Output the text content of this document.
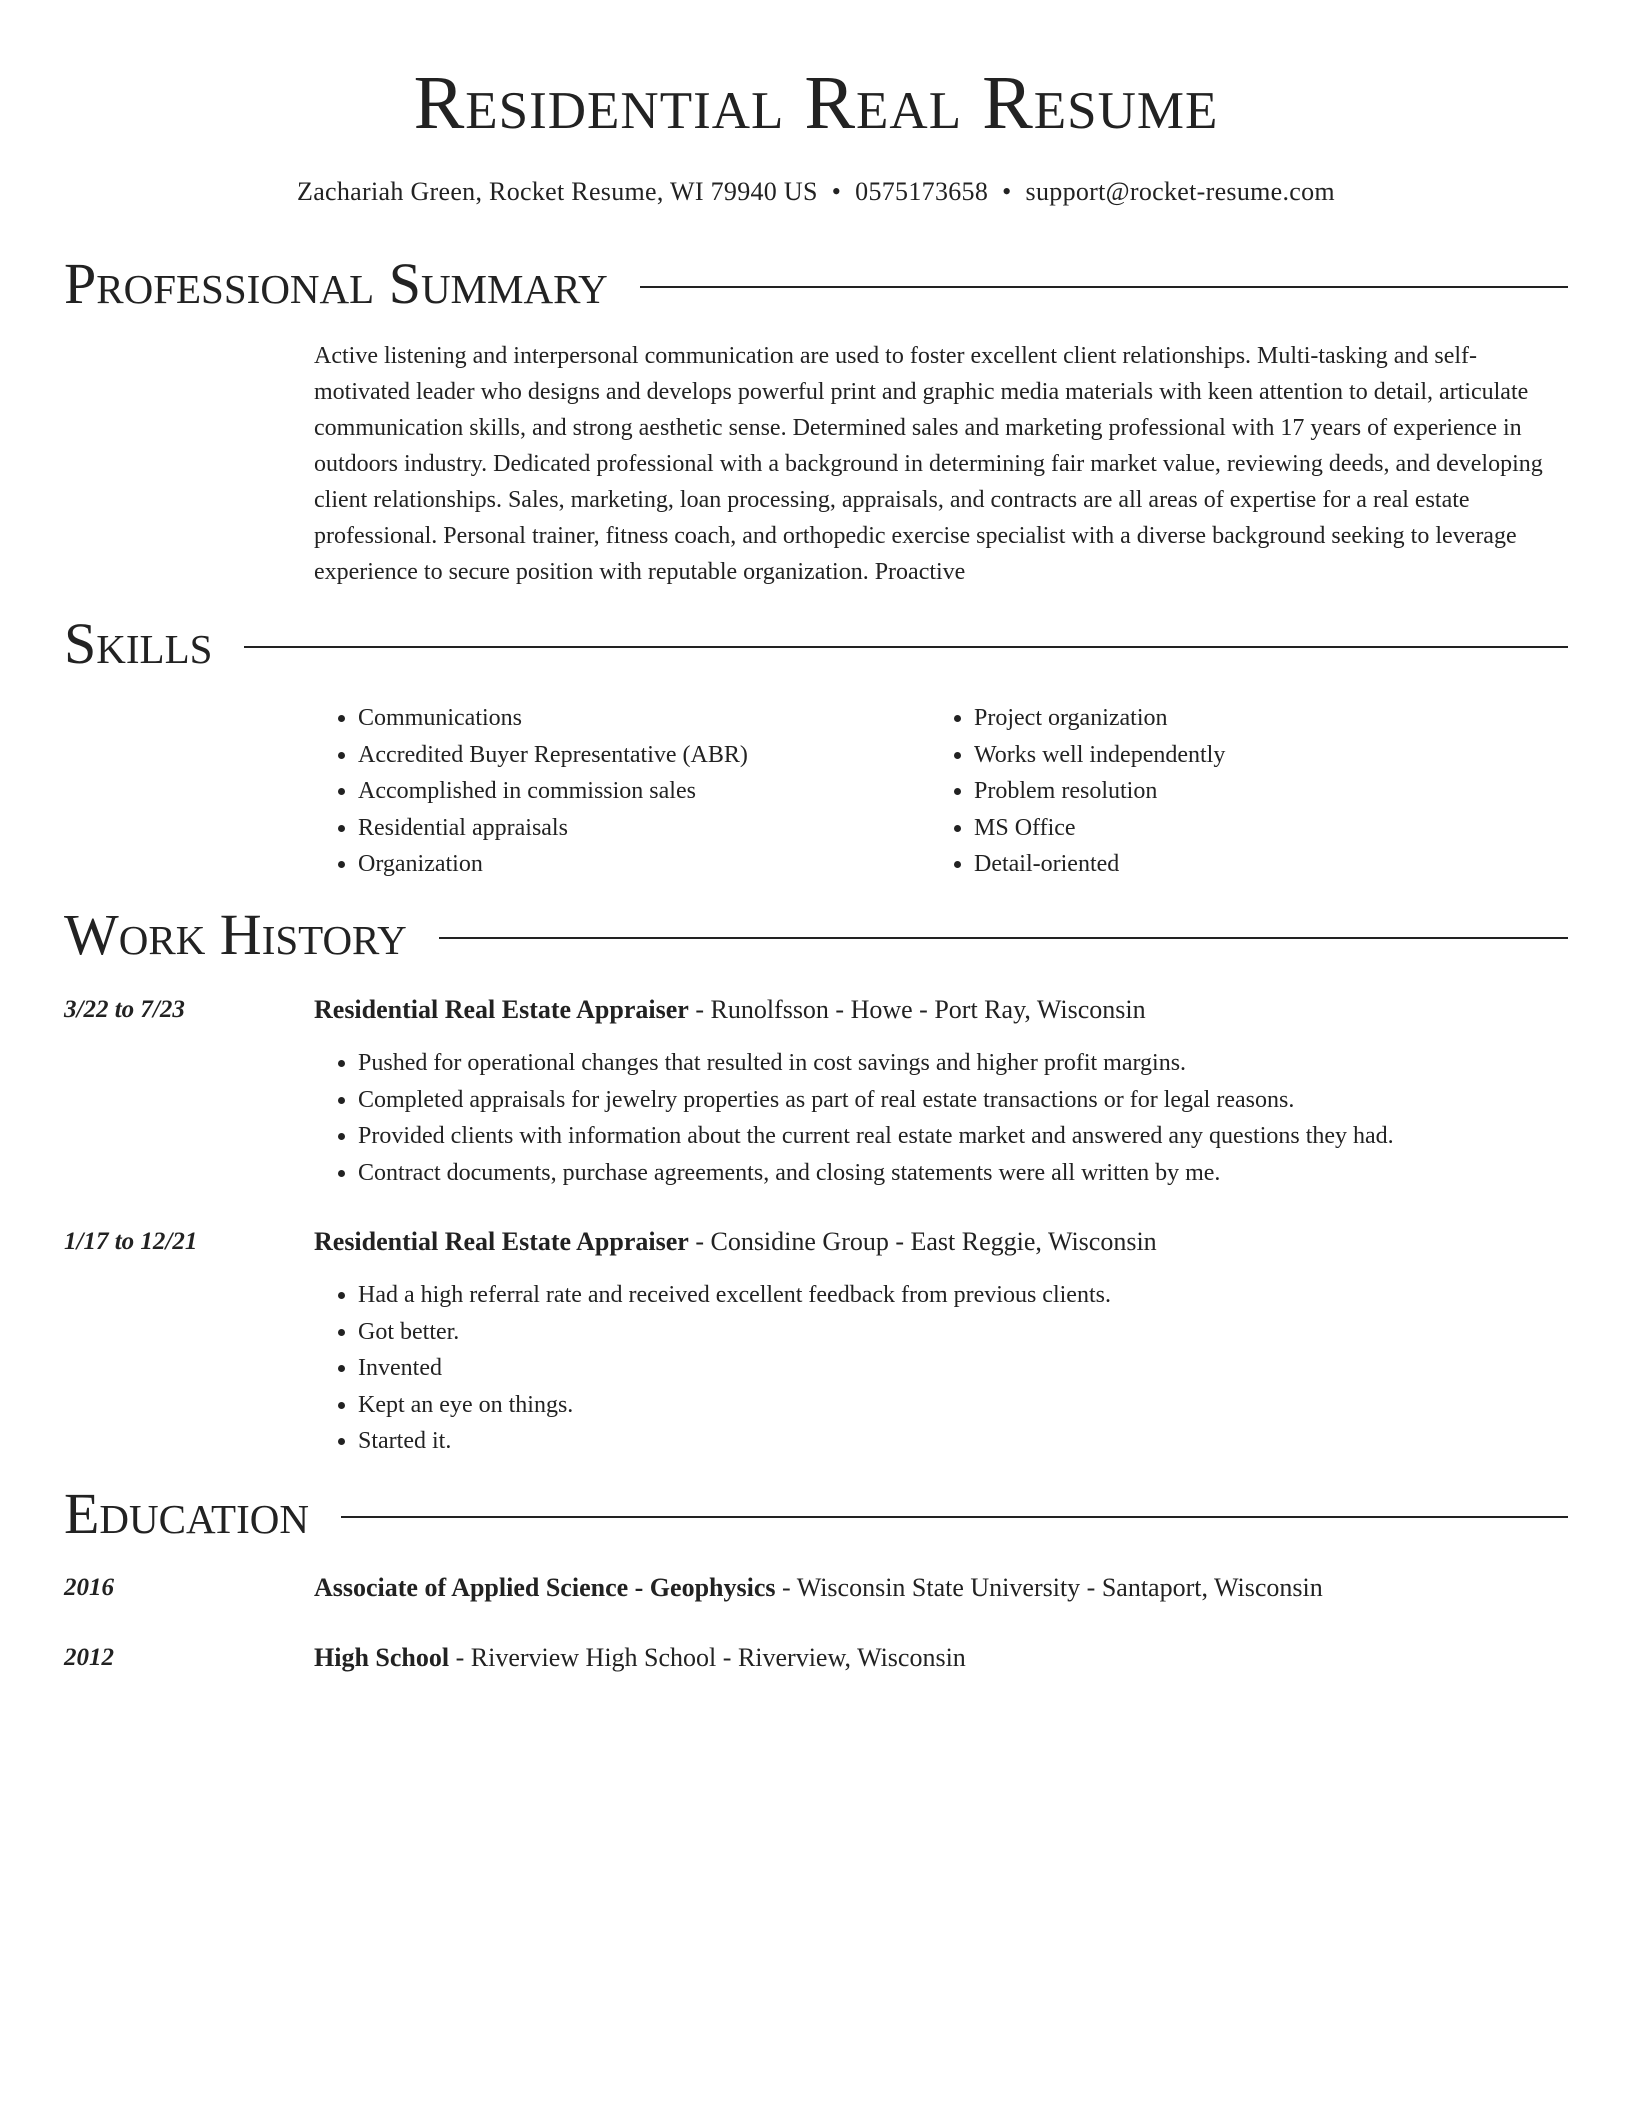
Residential Real Resume
Zachariah Green, Rocket Resume, WI 79940 US • 0575173658 • support@rocket-resume.com
Professional Summary
Active listening and interpersonal communication are used to foster excellent client relationships. Multi-tasking and self-motivated leader who designs and develops powerful print and graphic media materials with keen attention to detail, articulate communication skills, and strong aesthetic sense. Determined sales and marketing professional with 17 years of experience in outdoors industry. Dedicated professional with a background in determining fair market value, reviewing deeds, and developing client relationships. Sales, marketing, loan processing, appraisals, and contracts are all areas of expertise for a real estate professional. Personal trainer, fitness coach, and orthopedic exercise specialist with a diverse background seeking to leverage experience to secure position with reputable organization. Proactive
Skills
• Communications
• Accredited Buyer Representative (ABR)
• Accomplished in commission sales
• Residential appraisals
• Organization
• Project organization
• Works well independently
• Problem resolution
• MS Office
• Detail-oriented
Work History
3/22 to 7/23	Residential Real Estate Appraiser - Runolfsson - Howe - Port Ray, Wisconsin
• Pushed for operational changes that resulted in cost savings and higher profit margins.
• Completed appraisals for jewelry properties as part of real estate transactions or for legal reasons.
• Provided clients with information about the current real estate market and answered any questions they had.
• Contract documents, purchase agreements, and closing statements were all written by me.
1/17 to 12/21	Residential Real Estate Appraiser - Considine Group - East Reggie, Wisconsin
• Had a high referral rate and received excellent feedback from previous clients.
• Got better.
• Invented
• Kept an eye on things.
• Started it.
Education
2016	Associate of Applied Science - Geophysics - Wisconsin State University - Santaport, Wisconsin
2012	High School - Riverview High School - Riverview, Wisconsin
